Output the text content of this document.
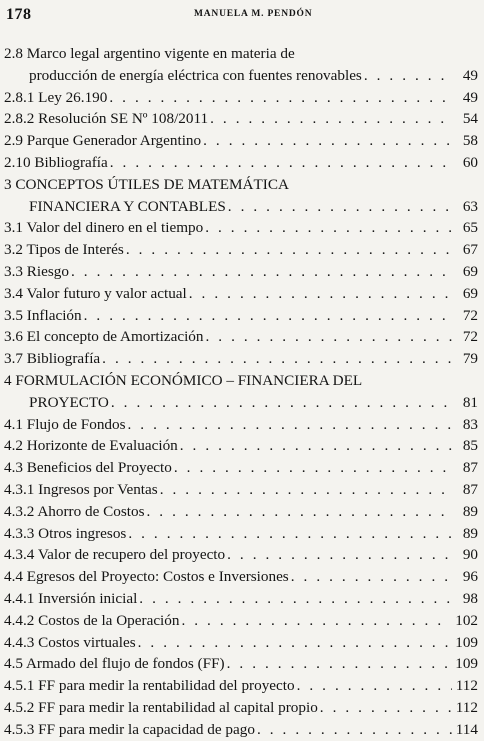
178	MANUELA M. PENDÓN
2.8 Marco legal argentino vigente en materia de
producción de energía eléctrica con fuentes renovables . . .	49
2.8.1 Ley 26.190 . . .	49
2.8.2 Resolución SE Nº 108/2011 . . .	54
2.9 Parque Generador Argentino . . .	58
2.10 Bibliografía . . .	60
3 CONCEPTOS ÚTILES DE MATEMÁTICA
FINANCIERA Y CONTABLES . . .	63
3.1 Valor del dinero en el tiempo . . .	65
3.2 Tipos de Interés . . .	67
3.3 Riesgo . . .	69
3.4 Valor futuro y valor actual . . .	69
3.5 Inflación . . .	72
3.6 El concepto de Amortización . . .	72
3.7 Bibliografía . . .	79
4 FORMULACIÓN ECONÓMICO – FINANCIERA DEL
PROYECTO . . .	81
4.1 Flujo de Fondos . . .	83
4.2 Horizonte de Evaluación . . .	85
4.3 Beneficios del Proyecto . . .	87
4.3.1 Ingresos por Ventas . . .	87
4.3.2 Ahorro de Costos . . .	89
4.3.3 Otros ingresos . . .	89
4.3.4 Valor de recupero del proyecto . . .	90
4.4 Egresos del Proyecto: Costos e Inversiones . . .	96
4.4.1 Inversión inicial . . .	98
4.4.2 Costos de la Operación . . .	102
4.4.3 Costos virtuales . . .	109
4.5 Armado del flujo de fondos (FF) . . .	109
4.5.1 FF para medir la rentabilidad del proyecto . . .	112
4.5.2 FF para medir la rentabilidad al capital propio . . .	112
4.5.3 FF para medir la capacidad de pago . . .	114
